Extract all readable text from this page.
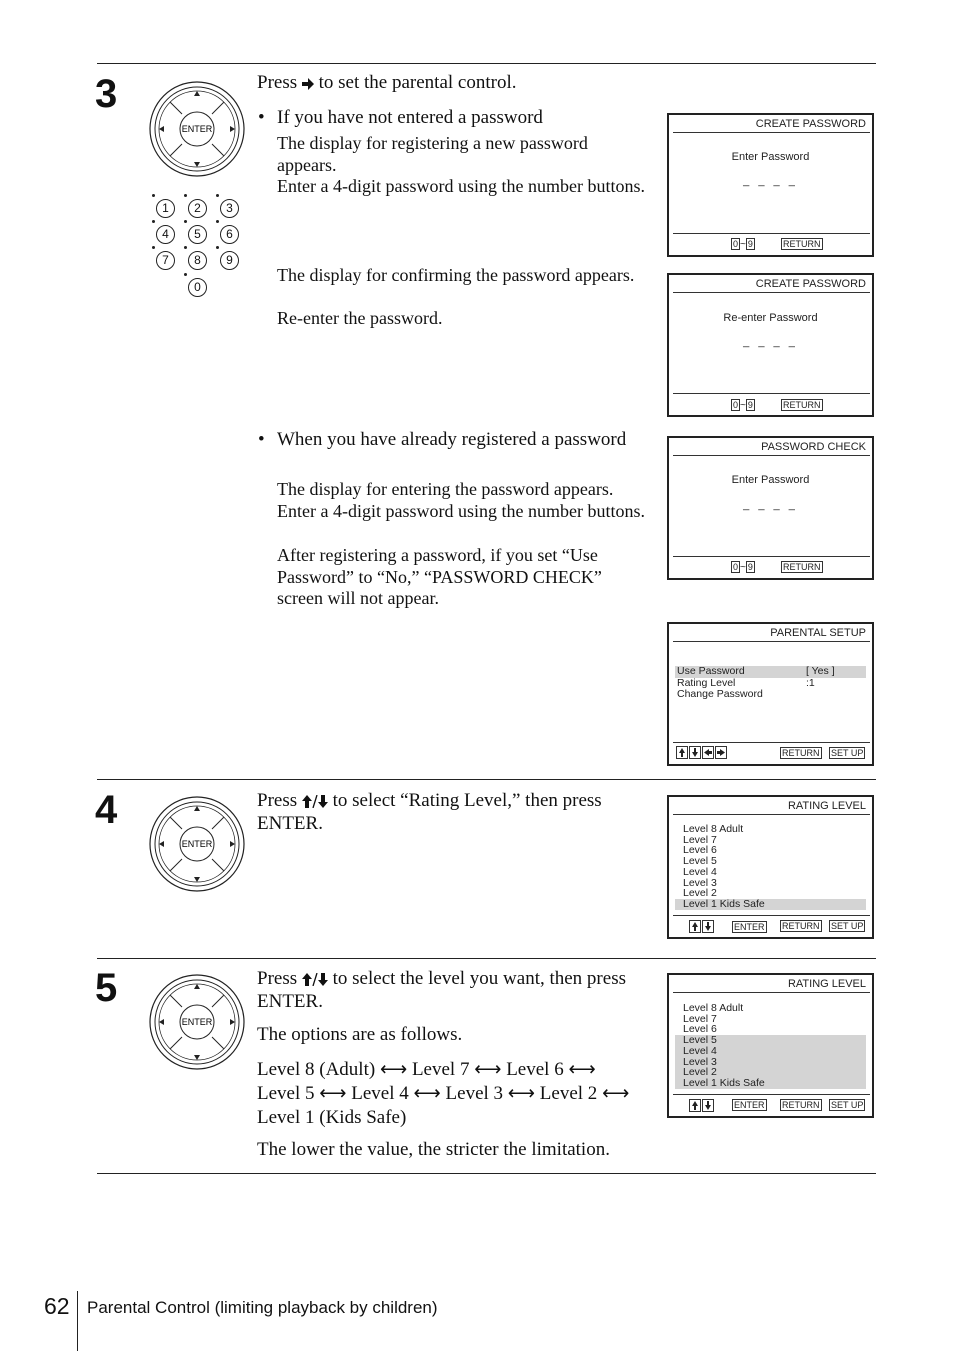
3
4
5
ENTER
ENTER
ENTER
1	2	3
4	5	6
7	8	9
0

Press to set the parental control.

• If you have not entered a password

The display for registering a new password appears.

Enter a 4-digit password using the number buttons.

The display for confirming the password appears.

Re-enter the password.

• When you have already registered a password

The display for entering the password appears.

Enter a 4-digit password using the number buttons.

After registering a password, if you set “Use Password” to “No,” “PASSWORD CHECK” screen will not appear.

Press to select “Rating Level,” then press ENTER.

Press to select the level you want, then press ENTER.

The options are as follows.

Level 8 (Adult) ⟷ Level 7 ⟷ Level 6 ⟷ Level 5 ⟷ Level 4 ⟷ Level 3 ⟷ Level 2 ⟷ Level 1 (Kids Safe)

The lower the value, the stricter the limitation.

CREATE PASSWORD
Enter Password
_ _ _ _
0 ~ 9	RETURN
CREATE PASSWORD
Re-enter Password
_ _ _ _
0 ~ 9	RETURN
PASSWORD CHECK
Enter Password
_ _ _ _
0 ~ 9	RETURN
PARENTAL SETUP
Use Password	[ Yes ]
Rating Level	:1
Change Password
RETURN SET UP
RATING LEVEL
Level 8 Adult
Level 7
Level 6
Level 5
Level 4
Level 3
Level 2
Level 1 Kids Safe
ENTER RETURN SET UP
RATING LEVEL
Level 8 Adult
Level 7
Level 6
Level 5
Level 4
Level 3
Level 2
Level 1 Kids Safe
ENTER RETURN SET UP
62 Parental Control (limiting playback by children)
